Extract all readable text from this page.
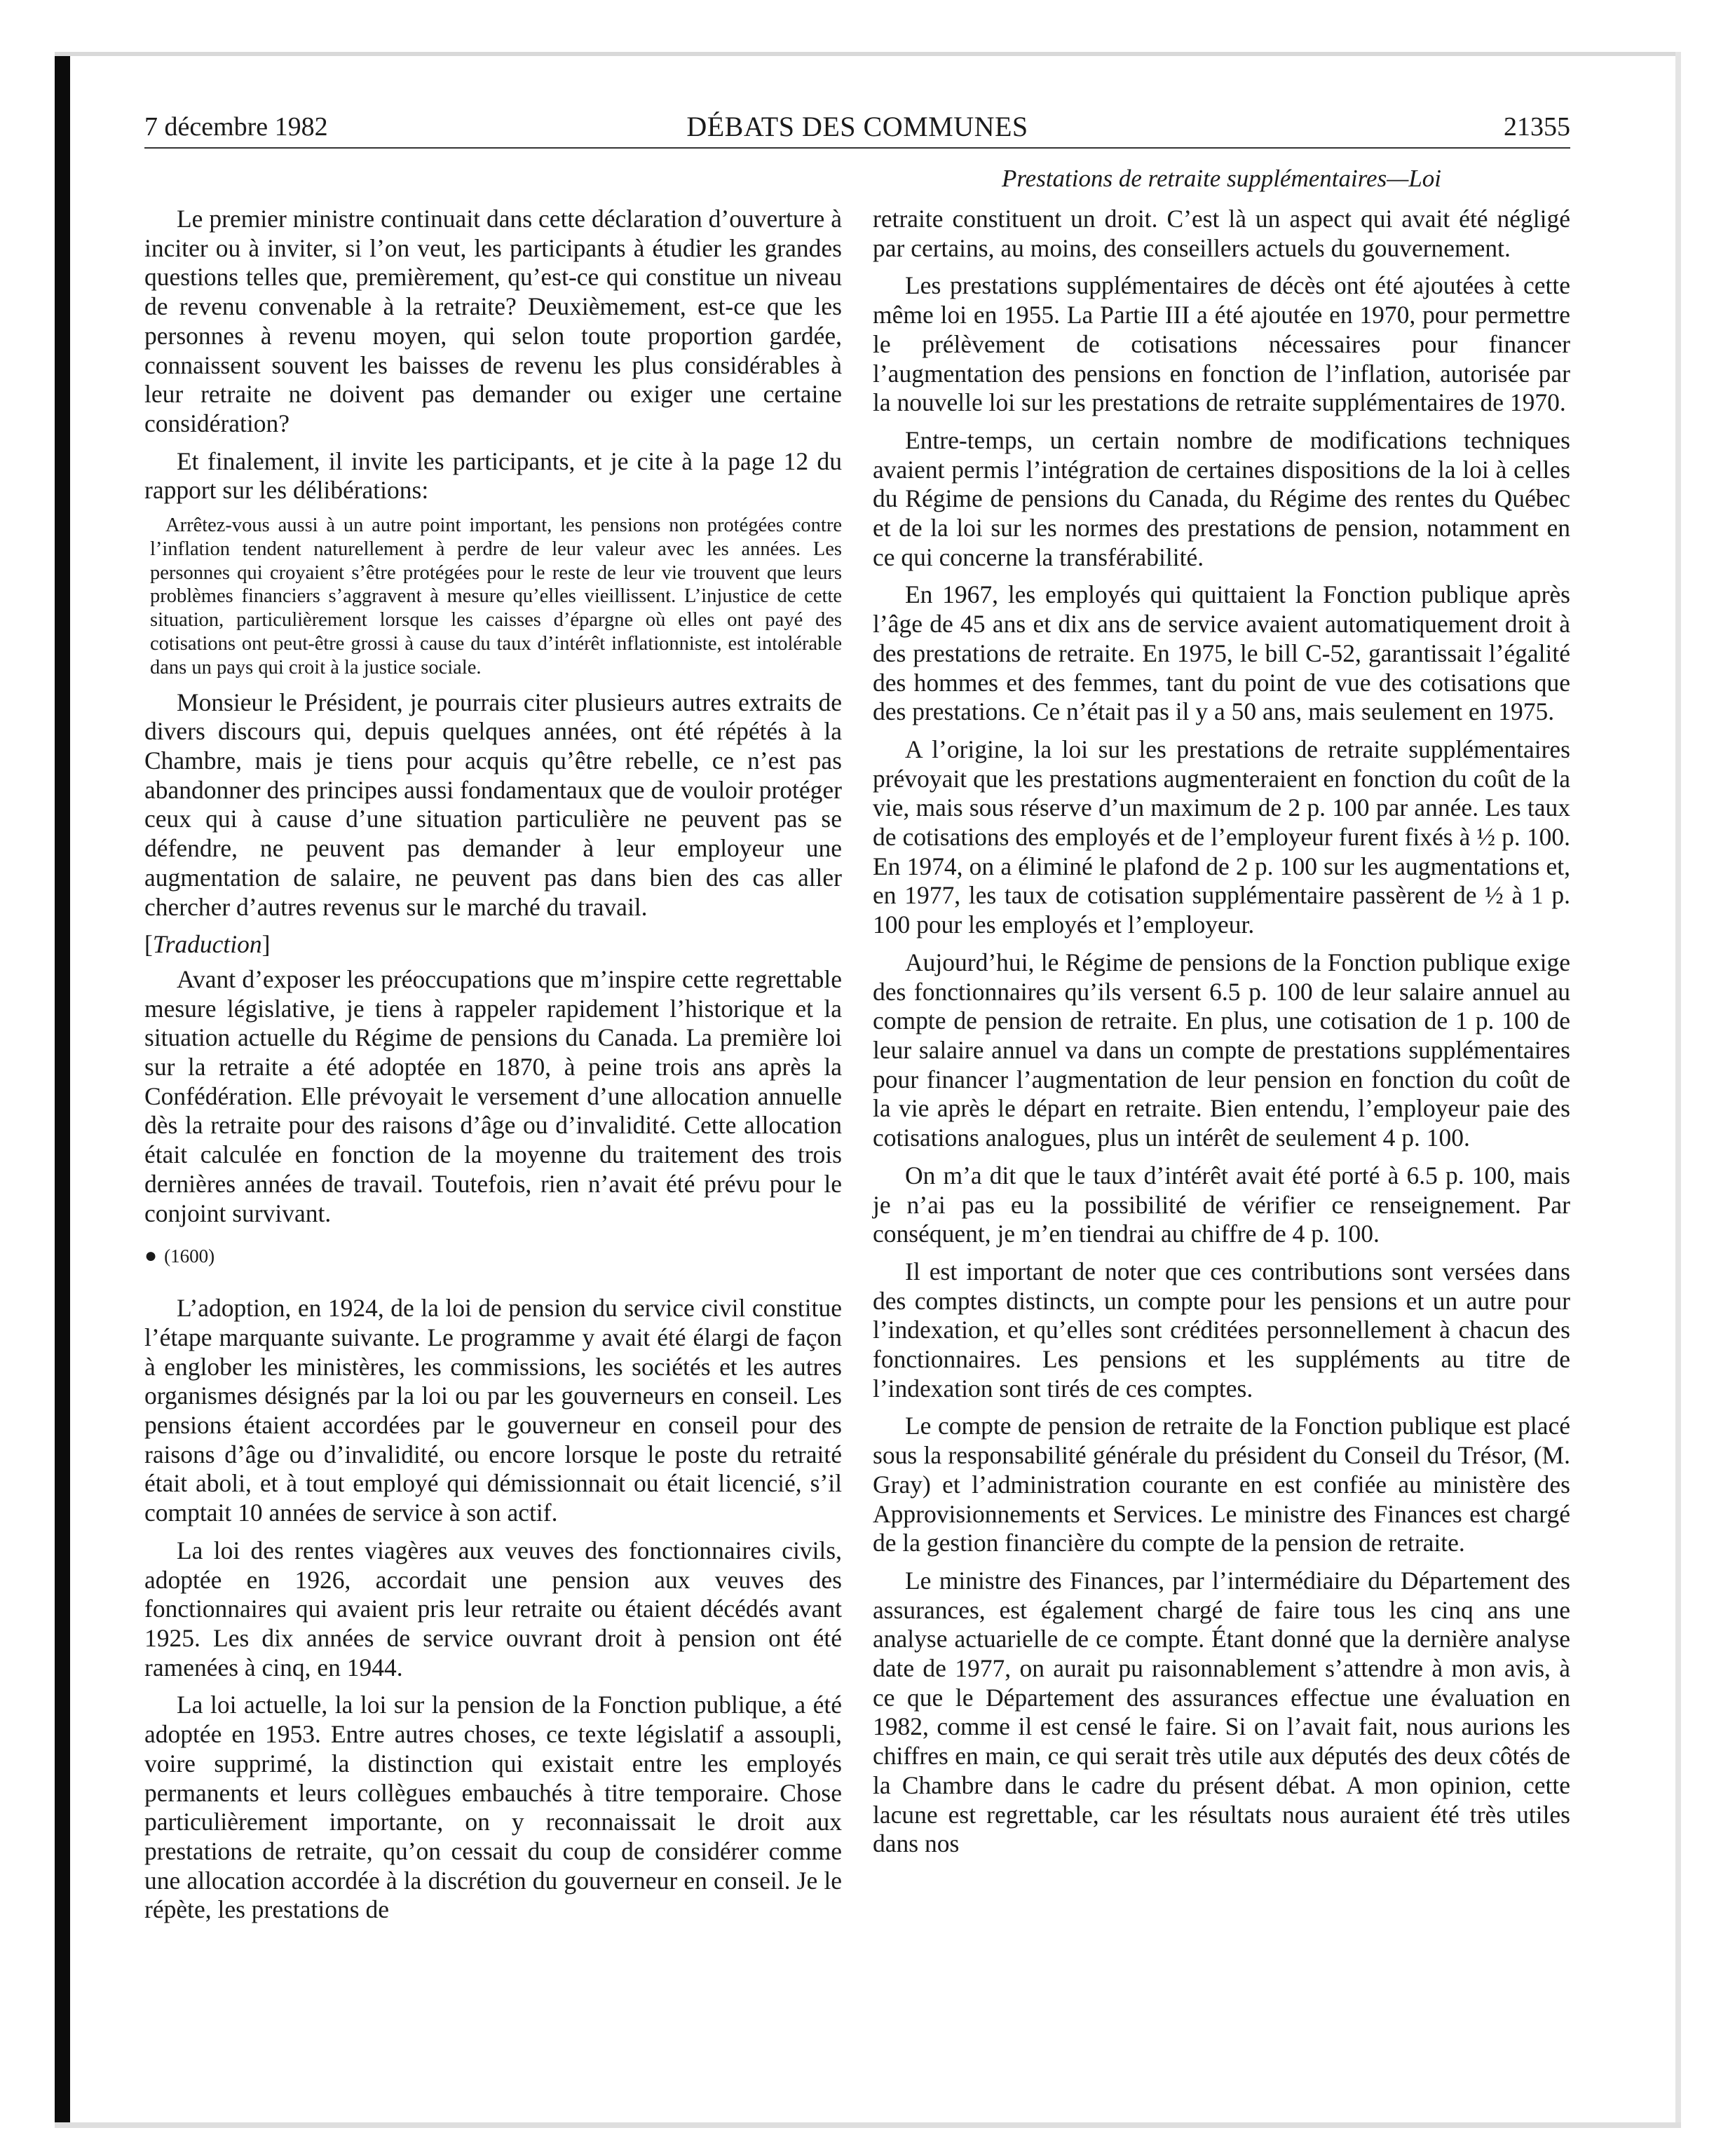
7 décembre 1982	DÉBATS DES COMMUNES	21355
Prestations de retraite supplémentaires—Loi

Le premier ministre continuait dans cette déclaration d’ouverture à inciter ou à inviter, si l’on veut, les participants à étudier les grandes questions telles que, premièrement, qu’est-ce qui constitue un niveau de revenu convenable à la retraite? Deuxièmement, est-ce que les personnes à revenu moyen, qui selon toute proportion gardée, connaissent souvent les baisses de revenu les plus considérables à leur retraite ne doivent pas demander ou exiger une certaine considération?

Et finalement, il invite les participants, et je cite à la page 12 du rapport sur les délibérations:

Arrêtez-vous aussi à un autre point important, les pensions non protégées contre l’inflation tendent naturellement à perdre de leur valeur avec les années. Les personnes qui croyaient s’être protégées pour le reste de leur vie trouvent que leurs problèmes financiers s’aggravent à mesure qu’elles vieillissent. L’injustice de cette situation, particulièrement lorsque les caisses d’épargne où elles ont payé des cotisations ont peut-être grossi à cause du taux d’intérêt inflationniste, est intolérable dans un pays qui croit à la justice sociale.

Monsieur le Président, je pourrais citer plusieurs autres extraits de divers discours qui, depuis quelques années, ont été répétés à la Chambre, mais je tiens pour acquis qu’être rebelle, ce n’est pas abandonner des principes aussi fondamentaux que de vouloir protéger ceux qui à cause d’une situation particulière ne peuvent pas se défendre, ne peuvent pas demander à leur employeur une augmentation de salaire, ne peuvent pas dans bien des cas aller chercher d’autres revenus sur le marché du travail.

[Traduction]

Avant d’exposer les préoccupations que m’inspire cette regrettable mesure législative, je tiens à rappeler rapidement l’historique et la situation actuelle du Régime de pensions du Canada. La première loi sur la retraite a été adoptée en 1870, à peine trois ans après la Confédération. Elle prévoyait le versement d’une allocation annuelle dès la retraite pour des raisons d’âge ou d’invalidité. Cette allocation était calculée en fonction de la moyenne du traitement des trois dernières années de travail. Toutefois, rien n’avait été prévu pour le conjoint survivant.

● (1600)

L’adoption, en 1924, de la loi de pension du service civil constitue l’étape marquante suivante. Le programme y avait été élargi de façon à englober les ministères, les commissions, les sociétés et les autres organismes désignés par la loi ou par les gouverneurs en conseil. Les pensions étaient accordées par le gouverneur en conseil pour des raisons d’âge ou d’invalidité, ou encore lorsque le poste du retraité était aboli, et à tout employé qui démissionnait ou était licencié, s’il comptait 10 années de service à son actif.

La loi des rentes viagères aux veuves des fonctionnaires civils, adoptée en 1926, accordait une pension aux veuves des fonctionnaires qui avaient pris leur retraite ou étaient décédés avant 1925. Les dix années de service ouvrant droit à pension ont été ramenées à cinq, en 1944.

La loi actuelle, la loi sur la pension de la Fonction publique, a été adoptée en 1953. Entre autres choses, ce texte législatif a assoupli, voire supprimé, la distinction qui existait entre les employés permanents et leurs collègues embauchés à titre temporaire. Chose particulièrement importante, on y reconnaissait le droit aux prestations de retraite, qu’on cessait du coup de considérer comme une allocation accordée à la discrétion du gouverneur en conseil. Je le répète, les prestations de

retraite constituent un droit. C’est là un aspect qui avait été négligé par certains, au moins, des conseillers actuels du gouvernement.

Les prestations supplémentaires de décès ont été ajoutées à cette même loi en 1955. La Partie III a été ajoutée en 1970, pour permettre le prélèvement de cotisations nécessaires pour financer l’augmentation des pensions en fonction de l’inflation, autorisée par la nouvelle loi sur les prestations de retraite supplémentaires de 1970.

Entre-temps, un certain nombre de modifications techniques avaient permis l’intégration de certaines dispositions de la loi à celles du Régime de pensions du Canada, du Régime des rentes du Québec et de la loi sur les normes des prestations de pension, notamment en ce qui concerne la transférabilité.

En 1967, les employés qui quittaient la Fonction publique après l’âge de 45 ans et dix ans de service avaient automatiquement droit à des prestations de retraite. En 1975, le bill C-52, garantissait l’égalité des hommes et des femmes, tant du point de vue des cotisations que des prestations. Ce n’était pas il y a 50 ans, mais seulement en 1975.

A l’origine, la loi sur les prestations de retraite supplémentaires prévoyait que les prestations augmenteraient en fonction du coût de la vie, mais sous réserve d’un maximum de 2 p. 100 par année. Les taux de cotisations des employés et de l’employeur furent fixés à ½ p. 100. En 1974, on a éliminé le plafond de 2 p. 100 sur les augmentations et, en 1977, les taux de cotisation supplémentaire passèrent de ½ à 1 p. 100 pour les employés et l’employeur.

Aujourd’hui, le Régime de pensions de la Fonction publique exige des fonctionnaires qu’ils versent 6.5 p. 100 de leur salaire annuel au compte de pension de retraite. En plus, une cotisation de 1 p. 100 de leur salaire annuel va dans un compte de prestations supplémentaires pour financer l’augmentation de leur pension en fonction du coût de la vie après le départ en retraite. Bien entendu, l’employeur paie des cotisations analogues, plus un intérêt de seulement 4 p. 100.

On m’a dit que le taux d’intérêt avait été porté à 6.5 p. 100, mais je n’ai pas eu la possibilité de vérifier ce renseignement. Par conséquent, je m’en tiendrai au chiffre de 4 p. 100.

Il est important de noter que ces contributions sont versées dans des comptes distincts, un compte pour les pensions et un autre pour l’indexation, et qu’elles sont créditées personnellement à chacun des fonctionnaires. Les pensions et les suppléments au titre de l’indexation sont tirés de ces comptes.

Le compte de pension de retraite de la Fonction publique est placé sous la responsabilité générale du président du Conseil du Trésor, (M. Gray) et l’administration courante en est confiée au ministère des Approvisionnements et Services. Le ministre des Finances est chargé de la gestion financière du compte de la pension de retraite.

Le ministre des Finances, par l’intermédiaire du Département des assurances, est également chargé de faire tous les cinq ans une analyse actuarielle de ce compte. Étant donné que la dernière analyse date de 1977, on aurait pu raisonnablement s’attendre à mon avis, à ce que le Département des assurances effectue une évaluation en 1982, comme il est censé le faire. Si on l’avait fait, nous aurions les chiffres en main, ce qui serait très utile aux députés des deux côtés de la Chambre dans le cadre du présent débat. A mon opinion, cette lacune est regrettable, car les résultats nous auraient été très utiles dans nos
